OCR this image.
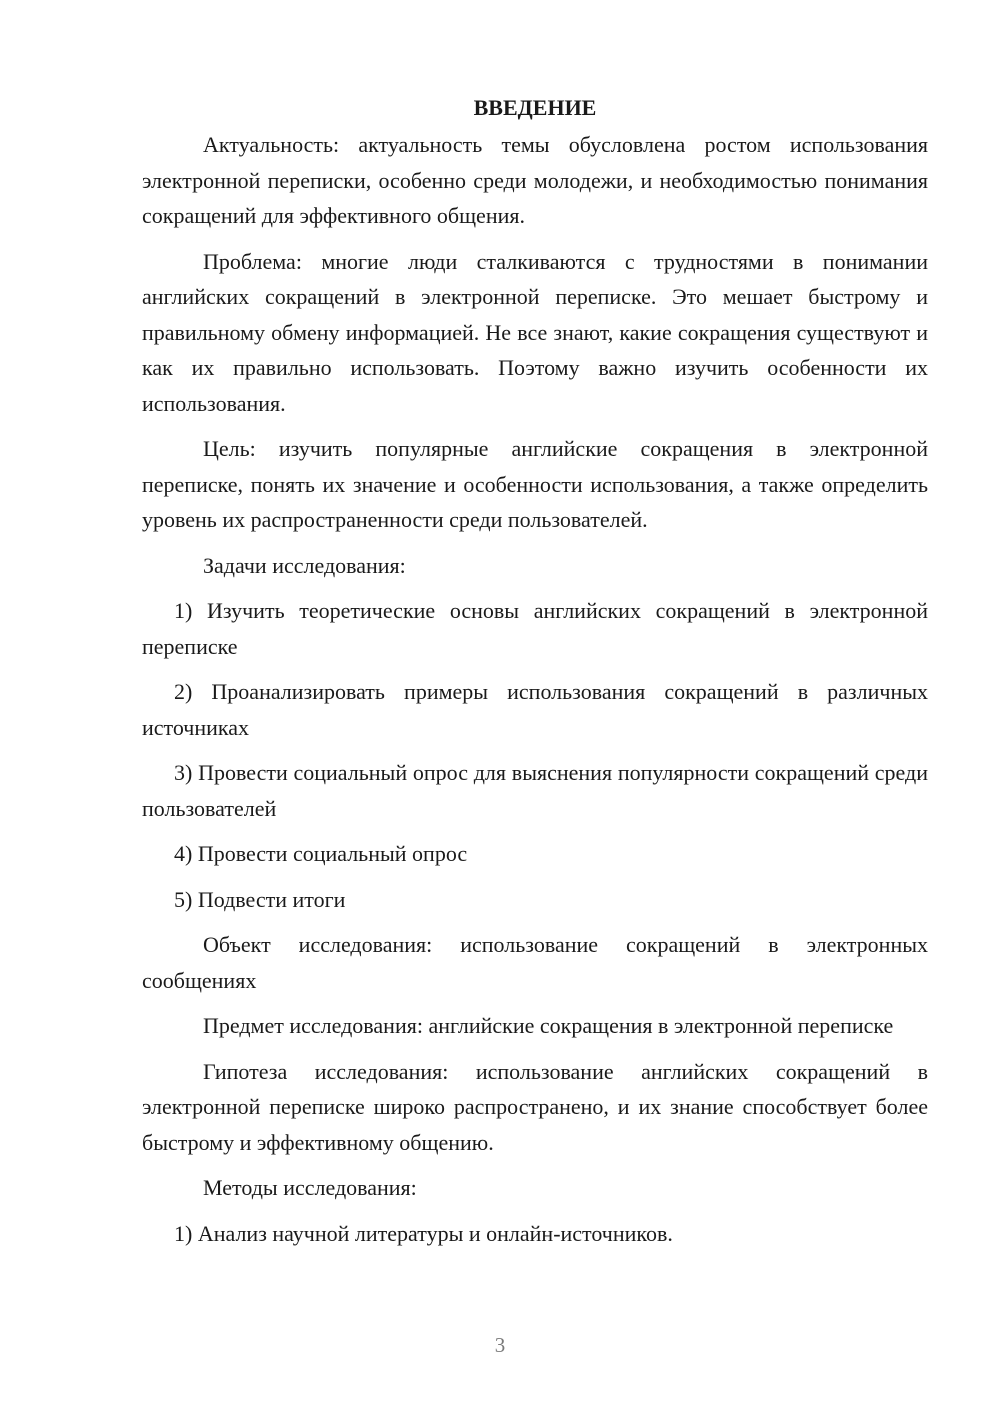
ВВЕДЕНИЕ

Актуальность: актуальность темы обусловлена ростом использования электронной переписки, особенно среди молодежи, и необходимостью понимания сокращений для эффективного общения.

Проблема: многие люди сталкиваются с трудностями в понимании английских сокращений в электронной переписке. Это мешает быстрому и правильному обмену информацией. Не все знают, какие сокращения существуют и как их правильно использовать. Поэтому важно изучить особенности их использования.

Цель: изучить популярные английские сокращения в электронной переписке, понять их значение и особенности использования, а также определить уровень их распространенности среди пользователей.

Задачи исследования:

1) Изучить теоретические основы английских сокращений в электронной переписке

2) Проанализировать примеры использования сокращений в различных источниках

3) Провести социальный опрос для выяснения популярности сокращений среди пользователей

4) Провести социальный опрос

5) Подвести итоги

Объект исследования: использование сокращений в электронных сообщениях

Предмет исследования: английские сокращения в электронной переписке

Гипотеза исследования: использование английских сокращений в электронной переписке широко распространено, и их знание способствует более быстрому и эффективному общению.

Методы исследования:

1) Анализ научной литературы и онлайн-источников.

3
